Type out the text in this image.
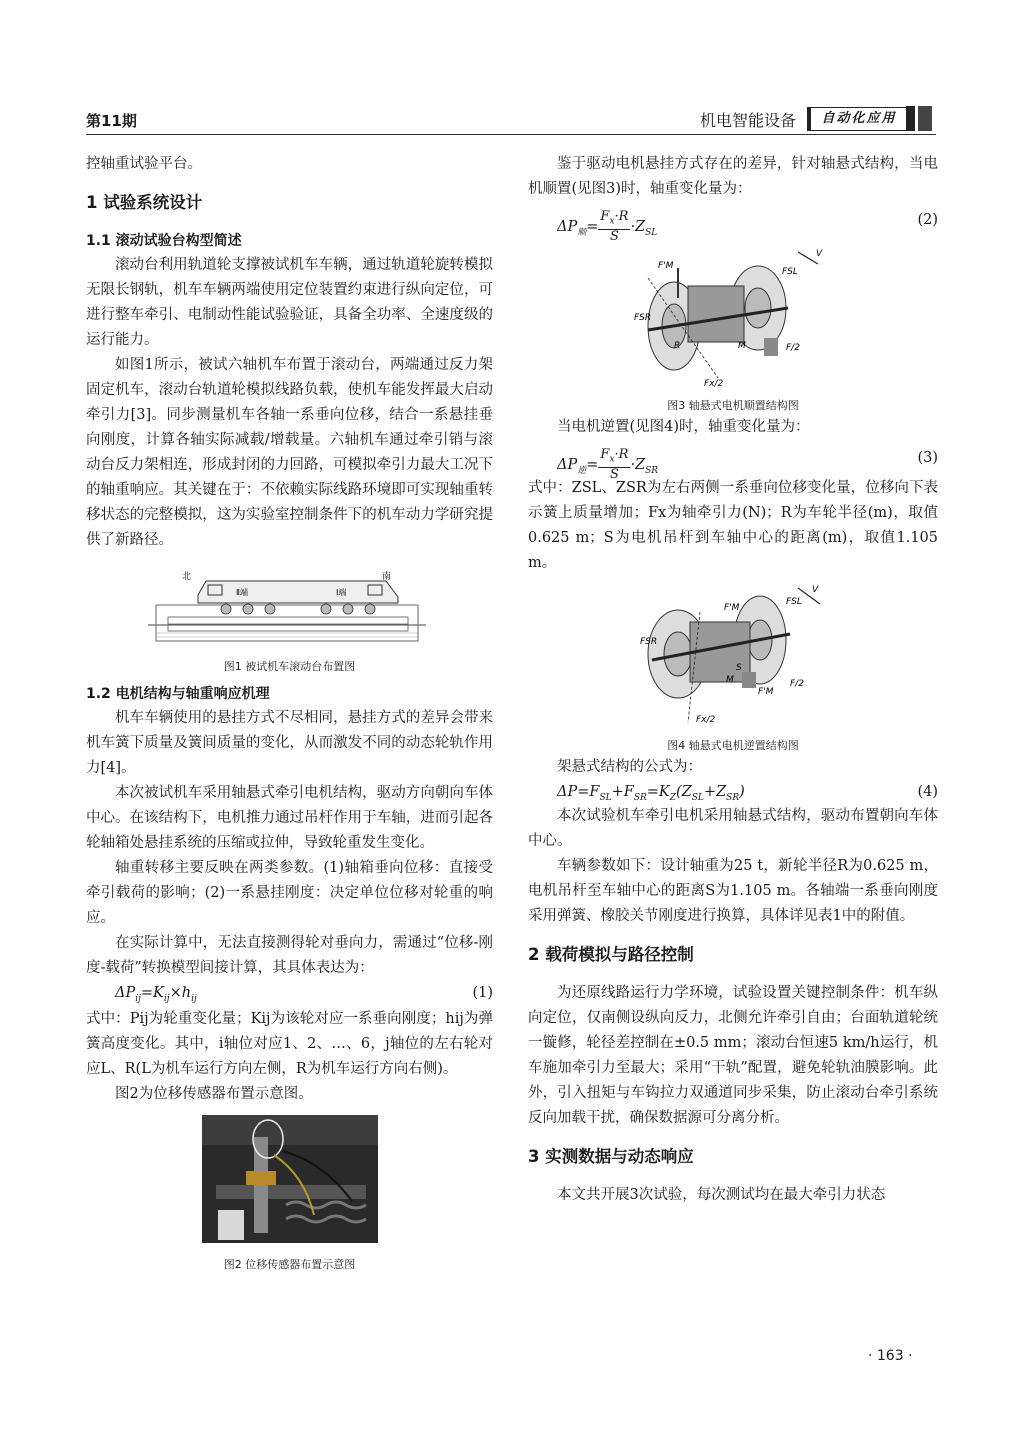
第11期	机电智能设备	自动化应用

控轴重试验平台。

1 试验系统设计
1.1 滚动试验台构型简述

滚动台利用轨道轮支撑被试机车车辆，通过轨道轮旋转模拟无限长钢轨，机车车辆两端使用定位装置约束进行纵向定位，可进行整车牵引、电制动性能试验验证，具备全功率、全速度级的运行能力。

如图1所示，被试六轴机车布置于滚动台，两端通过反力架固定机车，滚动台轨道轮模拟线路负载，使机车能发挥最大启动牵引力[3]。同步测量机车各轴一系垂向位移，结合一系悬挂垂向刚度，计算各轴实际减载/增载量。六轴机车通过牵引销与滚动台反力架相连，形成封闭的力回路，可模拟牵引力最大工况下的轴重响应。其关键在于：不依赖实际线路环境即可实现轴重转移状态的完整模拟，这为实验室控制条件下的机车动力学研究提供了新路径。

北	南
Ⅱ端	Ⅰ端
图1 被试机车滚动台布置图
1.2 电机结构与轴重响应机理

机车车辆使用的悬挂方式不尽相同，悬挂方式的差异会带来机车簧下质量及簧间质量的变化，从而激发不同的动态轮轨作用力[4]。

本次被试机车采用轴悬式牵引电机结构，驱动方向朝向车体中心。在该结构下，电机推力通过吊杆作用于车轴，进而引起各轮轴箱处悬挂系统的压缩或拉伸，导致轮重发生变化。

轴重转移主要反映在两类参数。(1)轴箱垂向位移：直接受牵引载荷的影响；(2)一系悬挂刚度：决定单位位移对轮重的响应。

在实际计算中，无法直接测得轮对垂向力，需通过“位移-刚度-载荷”转换模型间接计算，其具体表达为：

$\Delta P_{ij}=K_{ij}\times h_{ij}$	(1)

式中：Pij为轮重变化量；Kij为该轮对应一系垂向刚度；hij为弹簧高度变化。其中，i轴位对应1、2、…、6，j轴位的左右轮对应L、R(L为机车运行方向左侧，R为机车运行方向右侧)。

图2为位移传感器布置示意图。

图2 位移传感器布置示意图

鉴于驱动电机悬挂方式存在的差异，针对轴悬式结构，当电机顺置(见图3)时，轴重变化量为：

$\Delta P_顺= \frac{F_x\cdot R}{S} \cdot Z_{SL}$
(2)
V
FSL
F'M
FSR
M
R	F/2
Fx/2
图3 轴悬式电机顺置结构图

当电机逆置(见图4)时，轴重变化量为：

$\Delta P_逆= \frac{F_x\cdot R}{S} \cdot Z_{SR}$
(3)

式中：ZSL、ZSR为左右两侧一系垂向位移变化量，位移向下表示簧上质量增加；Fx为轴牵引力(N)；R为车轮半径(m)，取值0.625 m；S为电机吊杆到车轴中心的距离(m)，取值1.105 m。

V
FSL
F'M
FSR
S
M
F'M
F/2
Fx/2
图4 轴悬式电机逆置结构图

架悬式结构的公式为：

$\Delta P=F_{SL}+F_{SR}=K_Z(Z_{SL}+Z_{SR})$	(4)

本次试验机车牵引电机采用轴悬式结构，驱动布置朝向车体中心。

车辆参数如下：设计轴重为25 t，新轮半径R为0.625 m，电机吊杆至车轴中心的距离S为1.105 m。各轴端一系垂向刚度采用弹簧、橡胶关节刚度进行换算，具体详见表1中的附值。

2 载荷模拟与路径控制

为还原线路运行力学环境，试验设置关键控制条件：机车纵向定位，仅南侧设纵向反力，北侧允许牵引自由；台面轨道轮统一镟修，轮径差控制在±0.5 mm；滚动台恒速5 km/h运行，机车施加牵引力至最大；采用“干轨”配置，避免轮轨油膜影响。此外，引入扭矩与车钩拉力双通道同步采集，防止滚动台牵引系统反向加载干扰，确保数据源可分离分析。

3 实测数据与动态响应

本文共开展3次试验，每次测试均在最大牵引力状态

· 163 ·
